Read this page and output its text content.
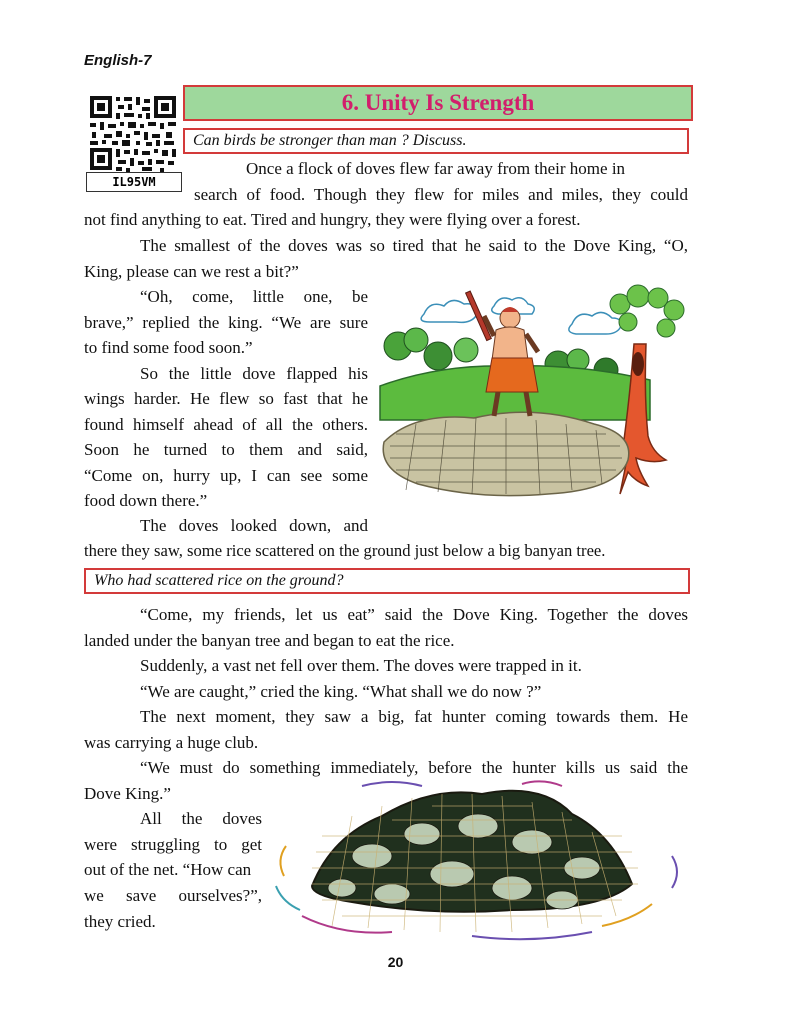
English-7
IL95VM
6. Unity Is Strength
Can birds be stronger than man ? Discuss.
Once a flock of doves flew far away from their home in
search of food. Though they flew for miles and miles, they could
not find anything to eat. Tired and hungry, they were flying over a forest.
The smallest of the doves was so tired that he said to the Dove King, “O,
King, please can we rest a bit?”
“Oh, come, little one, be
brave,” replied the king. “We are sure
to find some food soon.”
So the little dove flapped his
wings harder. He flew so fast that he
found himself ahead of all the others.
Soon he turned to them and said,
“Come on, hurry up, I can see some
food down there.”
The doves looked down, and
there they saw, some rice scattered on the ground just below a big banyan tree.
Who had scattered rice on the ground?
“Come, my friends, let us eat” said the Dove King. Together the doves
landed under the banyan tree and began to eat the rice.
Suddenly, a vast net fell over them. The doves were trapped in it.
“We are caught,” cried the king. “What shall we do now ?”
The next moment, they saw a big, fat hunter coming towards them. He
was carrying a huge club.
“We must do something immediately, before the hunter kills us said the
Dove King.”
All the doves
were struggling to get
out of the net. “How can
we save ourselves?”,
they cried.
20
